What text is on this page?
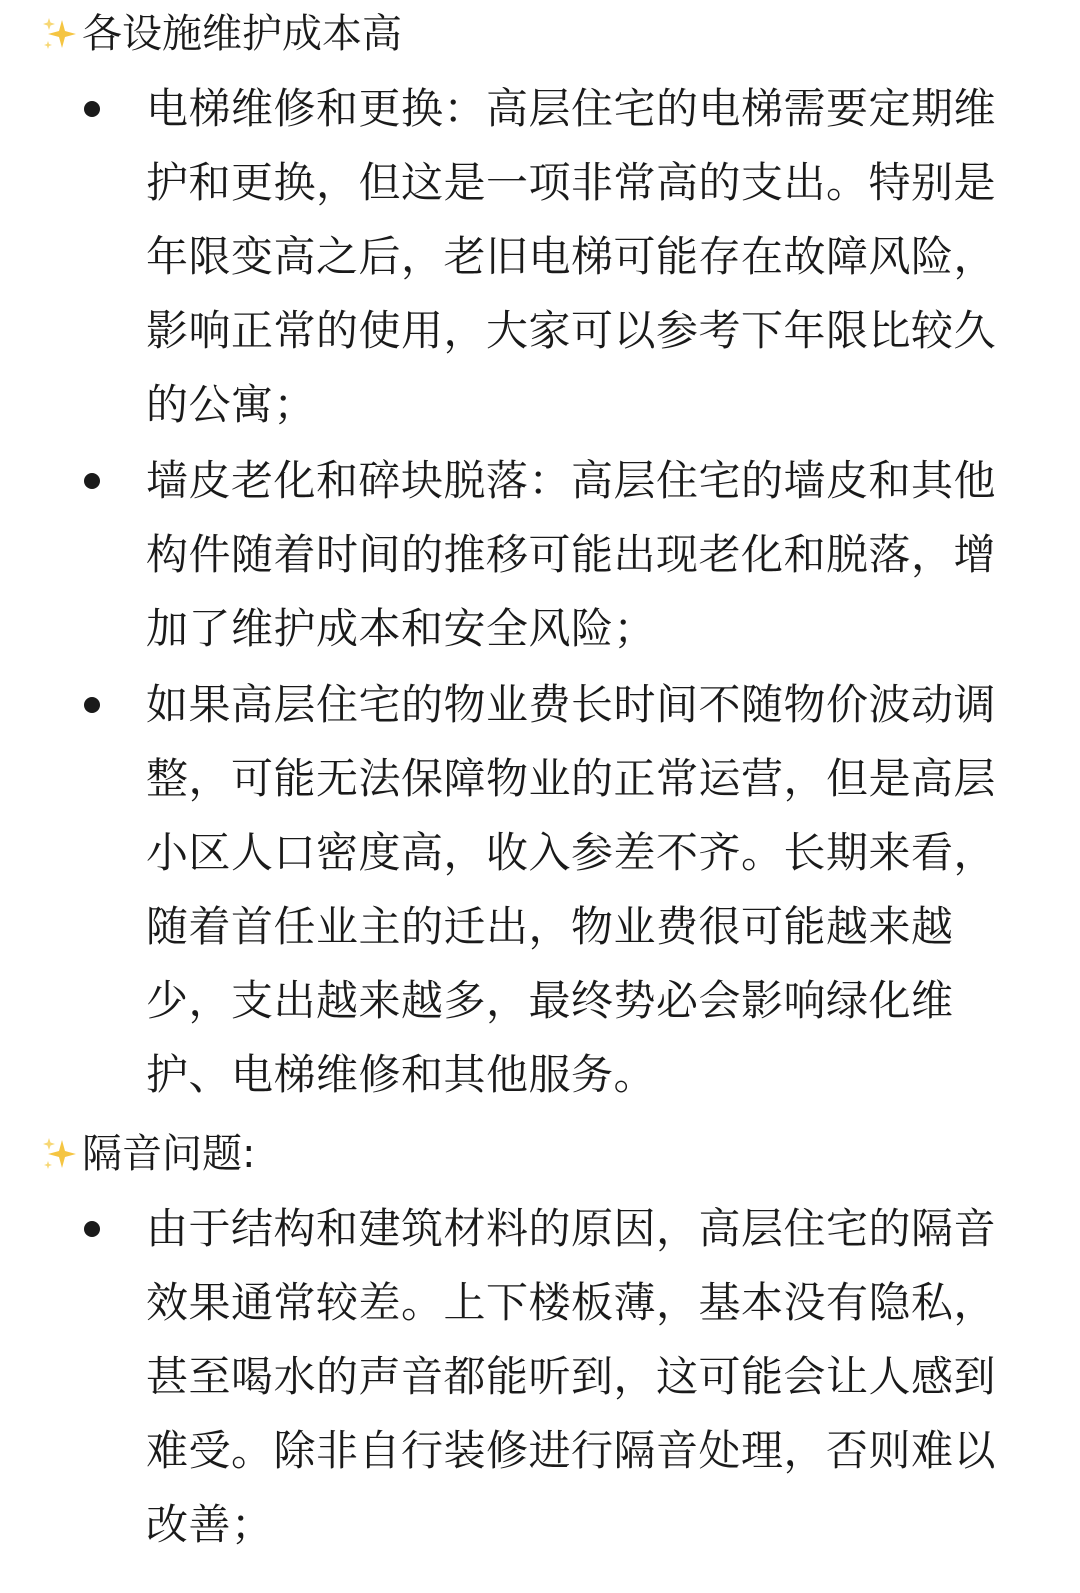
各设施维护成本高
电梯维修和更换：高层住宅的电梯需要定期维护和更换，但这是一项非常高的支出。特别是年限变高之后，老旧电梯可能存在故障风险，影响正常的使用，大家可以参考下年限比较久的公寓；
墙皮老化和碎块脱落：高层住宅的墙皮和其他构件随着时间的推移可能出现老化和脱落，增加了维护成本和安全风险；
如果高层住宅的物业费长时间不随物价波动调整，可能无法保障物业的正常运营，但是高层小区人口密度高，收入参差不齐。长期来看，随着首任业主的迁出，物业费很可能越来越少，支出越来越多，最终势必会影响绿化维护、电梯维修和其他服务。
隔音问题:
由于结构和建筑材料的原因，高层住宅的隔音效果通常较差。上下楼板薄，基本没有隐私，甚至喝水的声音都能听到，这可能会让人感到难受。除非自行装修进行隔音处理，否则难以改善；
